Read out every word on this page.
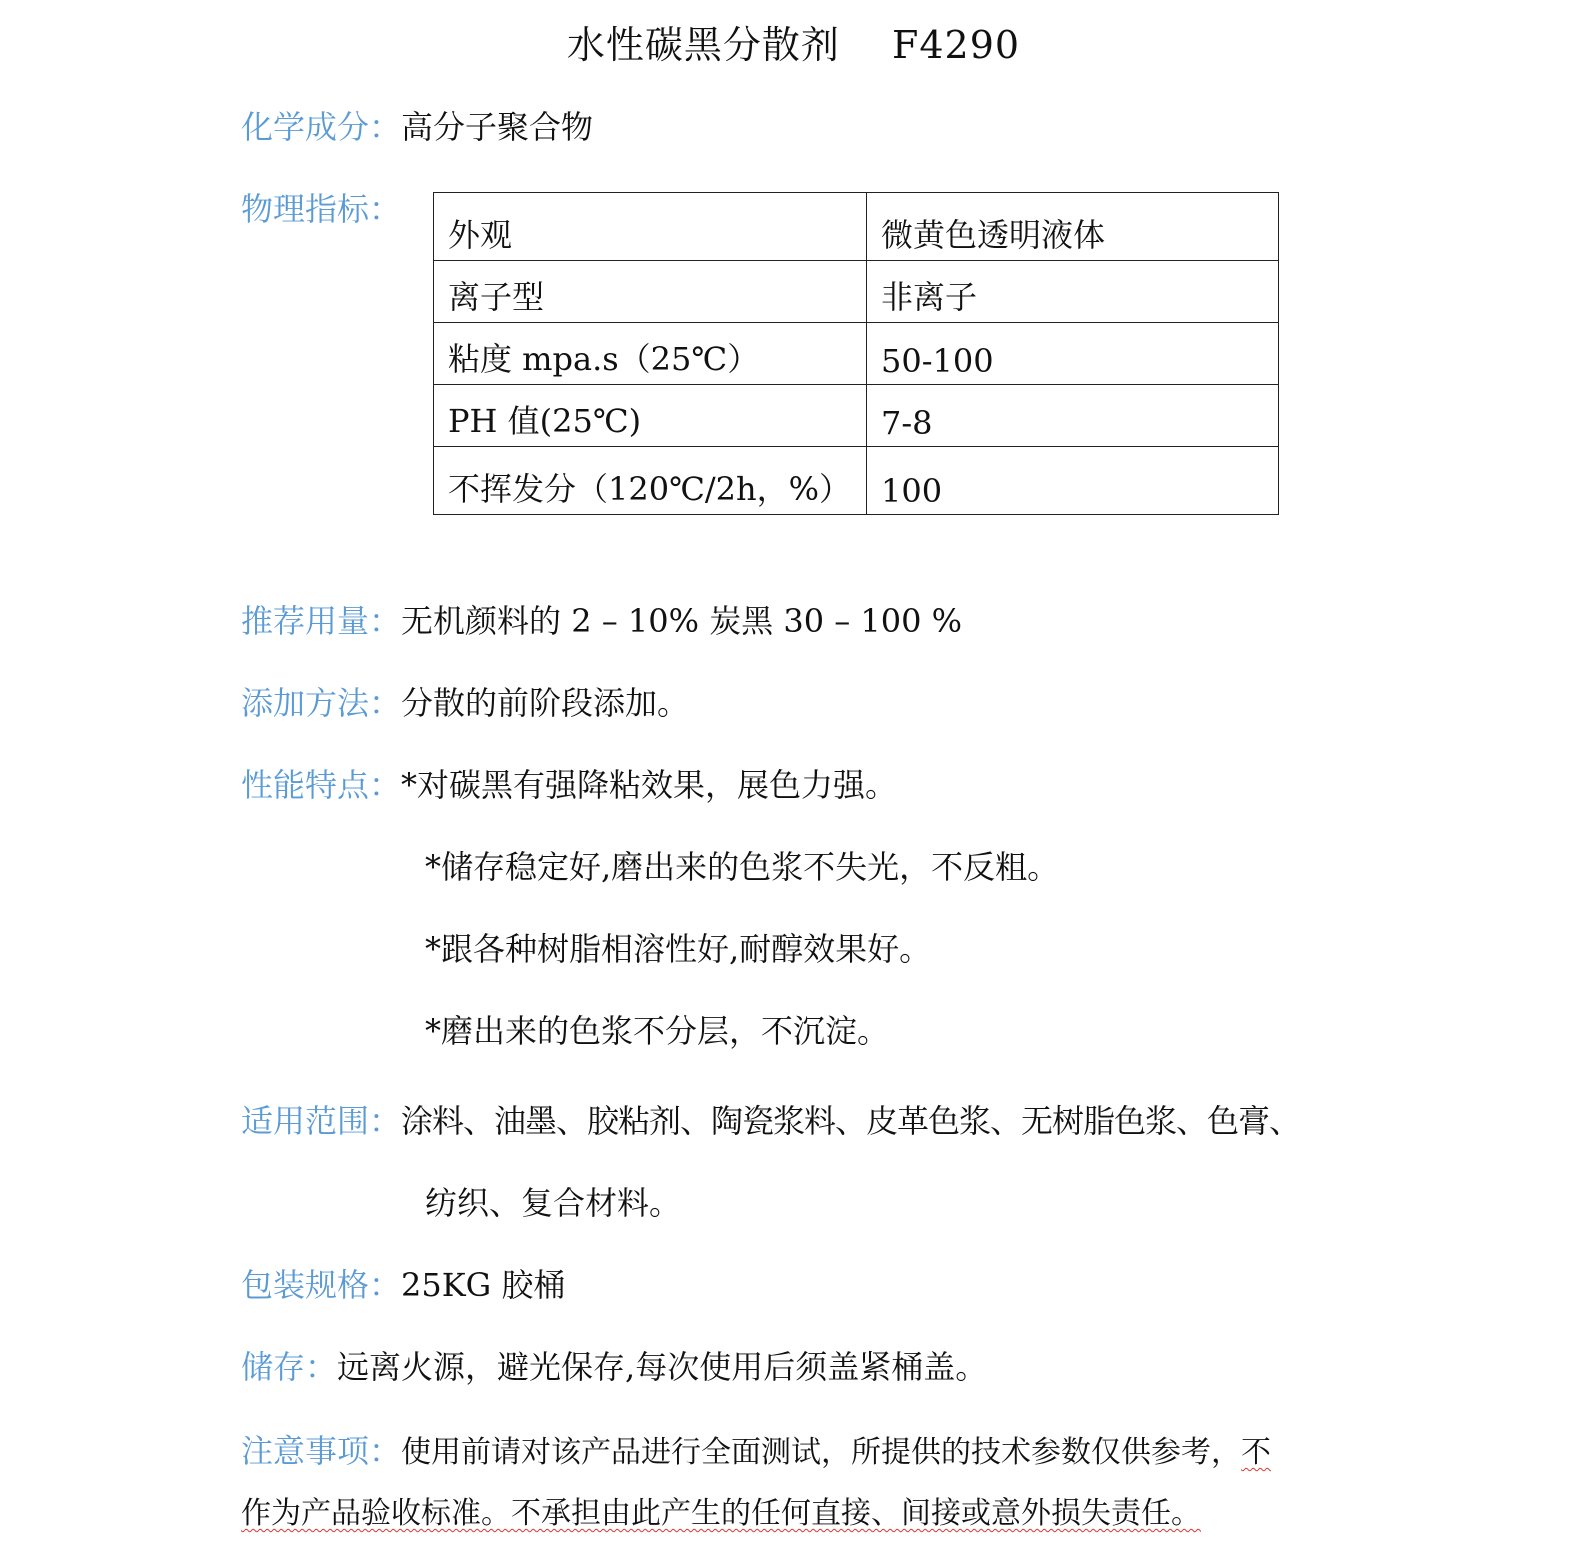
水性碳黑分散剂　 F4290
化学成分：高分子聚合物
物理指标：
外观	微黄色透明液体
离子型	非离子
粘度 mpa.s（25℃）	50-100
PH 值(25℃)	7-8
不挥发分（120℃/2h，%）	100
推荐用量：无机颜料的 2 – 10% 炭黑 30 – 100 %
添加方法：分散的前阶段添加。
性能特点：*对碳黑有强降粘效果，展色力强。
*储存稳定好,磨出来的色浆不失光，不反粗。
*跟各种树脂相溶性好,耐醇效果好。
*磨出来的色浆不分层，不沉淀。
适用范围：涂料、油墨、胶粘剂、陶瓷浆料、皮革色浆、无树脂色浆、色膏、
纺织、复合材料。
包装规格：25KG 胶桶
储存：远离火源，避光保存,每次使用后须盖紧桶盖。
注意事项：使用前请对该产品进行全面测试，所提供的技术参数仅供参考，不
作为产品验收标准。不承担由此产生的任何直接、间接或意外损失责任。
